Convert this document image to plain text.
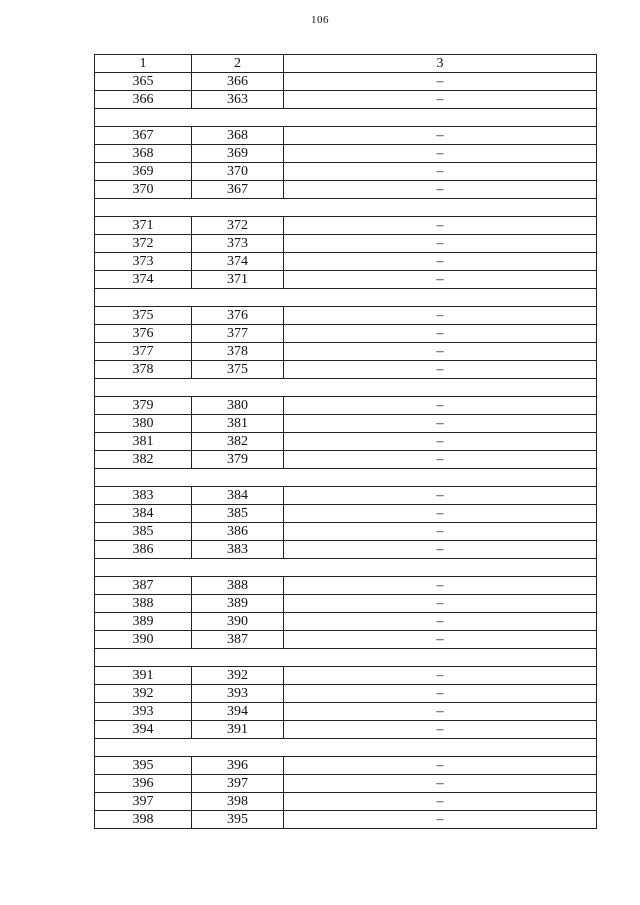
106
1	2	3
365	366	–
366	363	–

367	368	–
368	369	–
369	370	–
370	367	–

371	372	–
372	373	–
373	374	–
374	371	–

375	376	–
376	377	–
377	378	–
378	375	–

379	380	–
380	381	–
381	382	–
382	379	–

383	384	–
384	385	–
385	386	–
386	383	–

387	388	–
388	389	–
389	390	–
390	387	–

391	392	–
392	393	–
393	394	–
394	391	–

395	396	–
396	397	–
397	398	–
398	395	–
